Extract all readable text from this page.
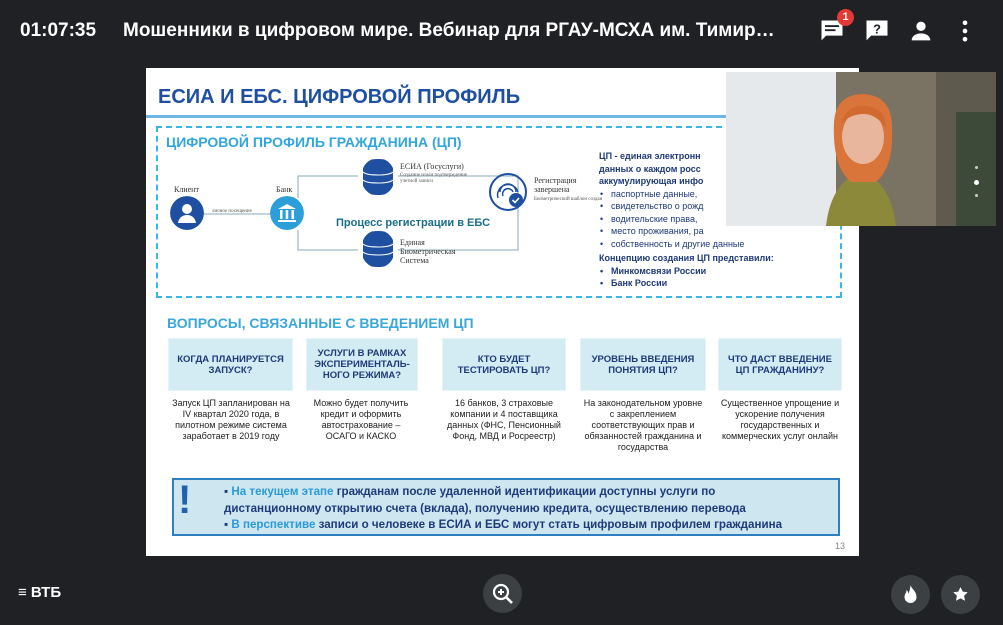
01:07:35 Мошенники в цифровом мире. Вебинар для РГАУ-МСХА им. Тимир…
1
?
ЕСИА И ЕБС. ЦИФРОВОЙ ПРОФИЛЬ
ЦИФРОВОЙ ПРОФИЛЬ ГРАЖДАНИНА (ЦП)
Клиент
личное посещение
Банк
ЕСИА (Госуслуги)
Создание и/или подтверждение учетной записи
Единая Биометрическая Система
Процесс регистрации в ЕБС
Регистрация завершена
Биометрический шаблон создан
ЦП - единая электронн
данных о каждом росс
аккумулирующая инфо
• паспортные данные,
• свидетельство о рожд
• водительские права,
• место проживания, ра
• собственность и другие данные
Концепцию создания ЦП представили:
• Минкомсвязи России
• Банк России
ВОПРОСЫ, СВЯЗАННЫЕ С ВВЕДЕНИЕМ ЦП
КОГДА ПЛАНИРУЕТСЯ ЗАПУСК?
УСЛУГИ В РАМКАХ ЭКСПЕРИМЕНТАЛЬ-НОГО РЕЖИМА?
КТО БУДЕТ ТЕСТИРОВАТЬ ЦП?
УРОВЕНЬ ВВЕДЕНИЯ ПОНЯТИЯ ЦП?
ЧТО ДАСТ ВВЕДЕНИЕ ЦП ГРАЖДАНИНУ?
Запуск ЦП запланирован на IV квартал 2020 года, в пилотном режиме система заработает в 2019 году
Можно будет получить кредит и оформить автострахование – ОСАГО и КАСКО
16 банков, 3 страховые компании и 4 поставщика данных (ФНС, Пенсионный Фонд, МВД и Росреестр)
На законодательном уровне с закреплением соответствующих прав и обязанностей гражданина и государства
Существенное упрощение и ускорение получения государственных и коммерческих услуг онлайн
!	▪ На текущем этапе гражданам после удаленной идентификации доступны услуги по
дистанционному открытию счета (вклада), получению кредита, осуществлению перевода
▪ В перспективе записи о человеке в ЕСИА и ЕБС могут стать цифровым профилем гражданина
13
≡ ВТБ
